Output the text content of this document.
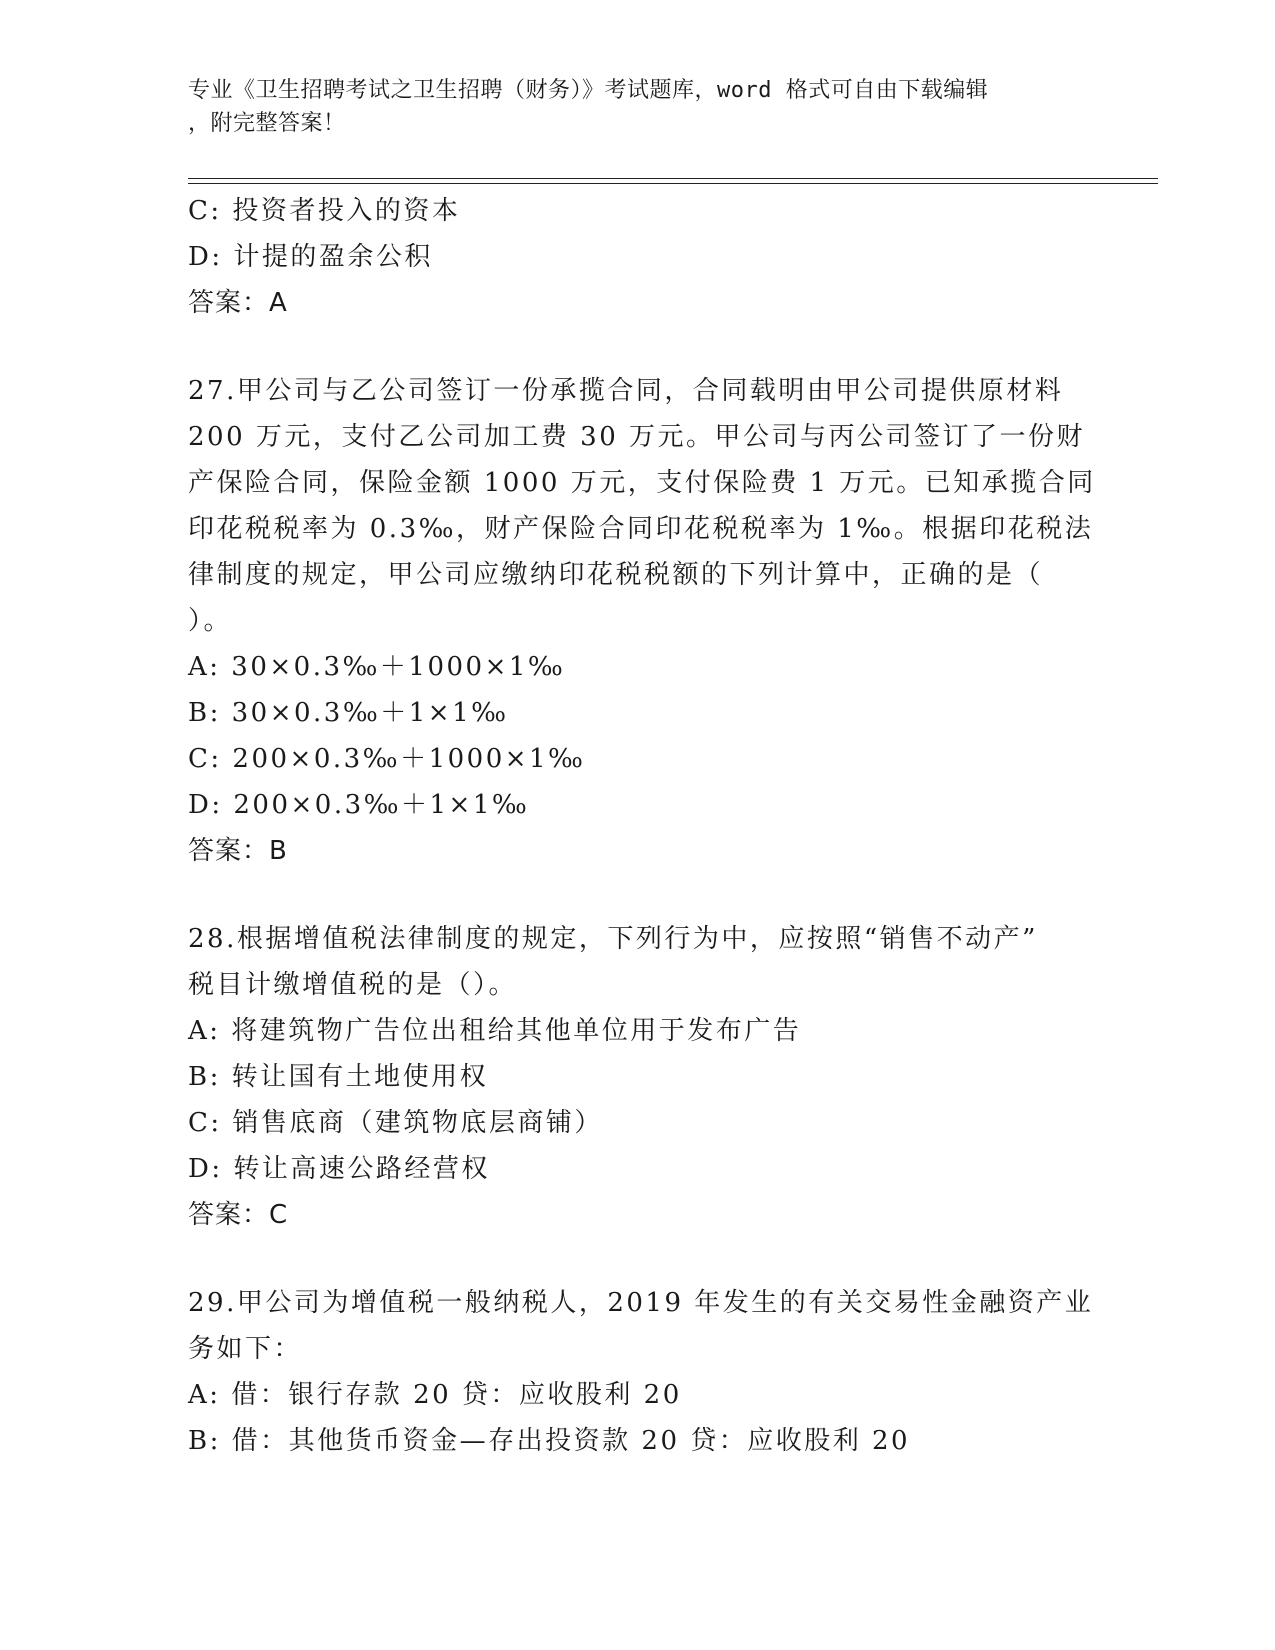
专业《卫生招聘考试之卫生招聘（财务）》考试题库，word 格式可自由下载编辑
，附完整答案！
C: 投资者投入的资本
D: 计提的盈余公积
答案：A
27.甲公司与乙公司签订一份承揽合同，合同载明由甲公司提供原材料
200 万元，支付乙公司加工费 30 万元。甲公司与丙公司签订了一份财
产保险合同，保险金额 1000 万元，支付保险费 1 万元。已知承揽合同
印花税税率为 0.3‰，财产保险合同印花税税率为 1‰。根据印花税法
律制度的规定，甲公司应缴纳印花税税额的下列计算中，正确的是（
）。
A: 30×0.3‰＋1000×1‰
B: 30×0.3‰＋1×1‰
C: 200×0.3‰＋1000×1‰
D: 200×0.3‰＋1×1‰
答案：B
28.根据增值税法律制度的规定，下列行为中，应按照“销售不动产”
税目计缴增值税的是（）。
A: 将建筑物广告位出租给其他单位用于发布广告
B: 转让国有土地使用权
C: 销售底商（建筑物底层商铺）
D: 转让高速公路经营权
答案：C
29.甲公司为增值税一般纳税人，2019 年发生的有关交易性金融资产业
务如下：
A: 借：银行存款 20 贷：应收股利 20
B: 借：其他货币资金—存出投资款 20 贷：应收股利 20
